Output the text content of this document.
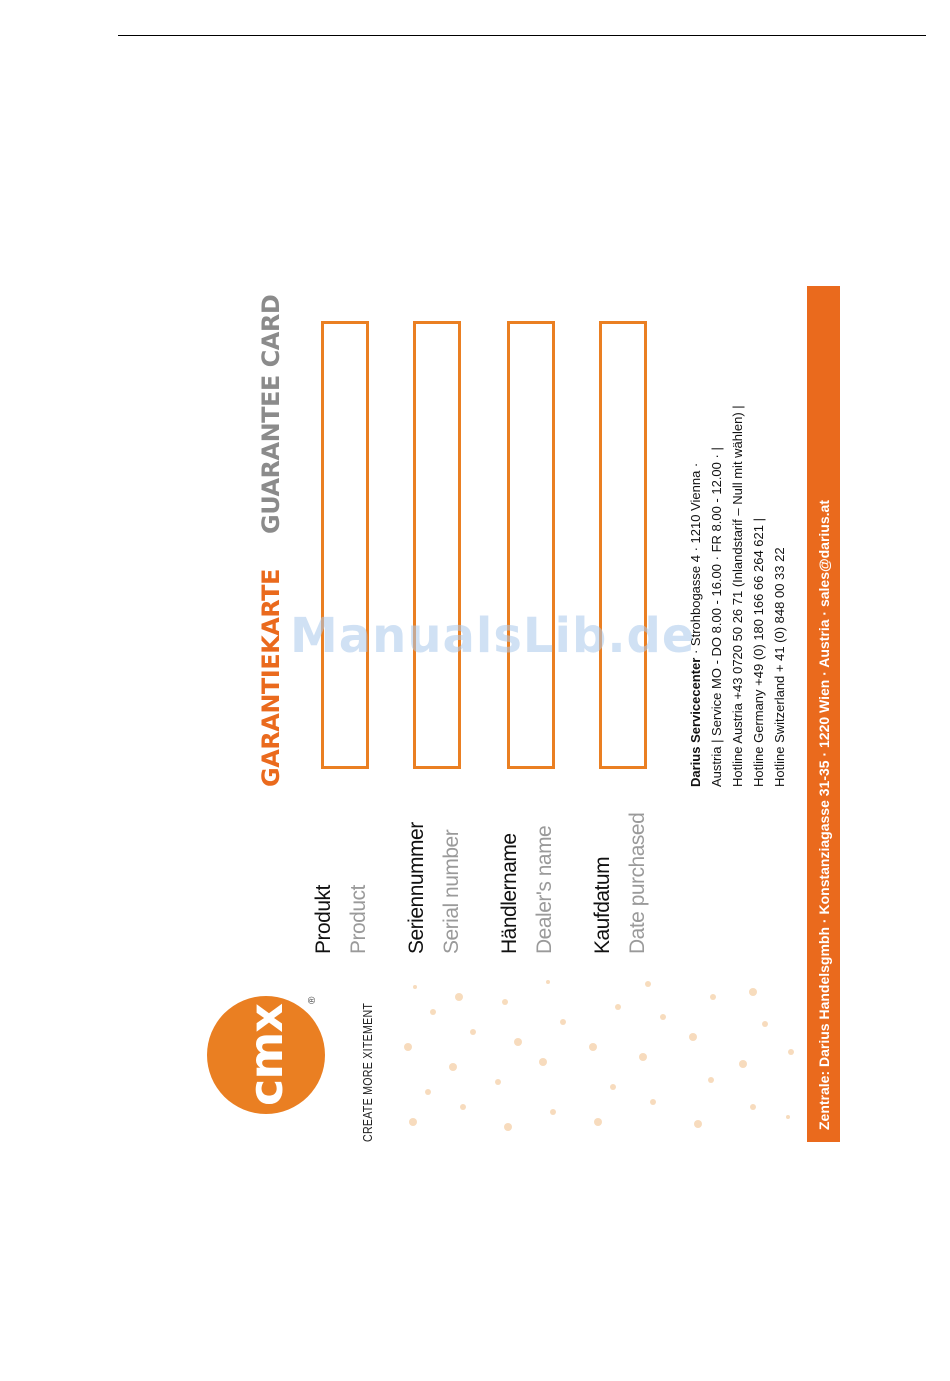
cmx
®
CREATE MORE XITEMENT
GARANTIEKARTE
GUARANTEE CARD
Produkt Product Seriennummer Serial number Händlername Dealer's name Kaufdatum Date purchased
Darius Servicecenter · Strohbogasse 4 · 1210 Vienna · Austria | Service MO - DO 8.00 - 16.00 · FR 8.00 - 12.00 · | Hotline Austria +43 0720 50 26 71 (Inlandstarif – Null mit wählen) | Hotline Germany +49 (0) 180 166 66 264 621 | Hotline Switzerland + 41 (0) 848 00 33 22 Zentrale: Darius Handelsgmbh · Konstanziagasse 31-35 · 1220 Wien · Austria · sales@darius.at
ManualsLib.de
